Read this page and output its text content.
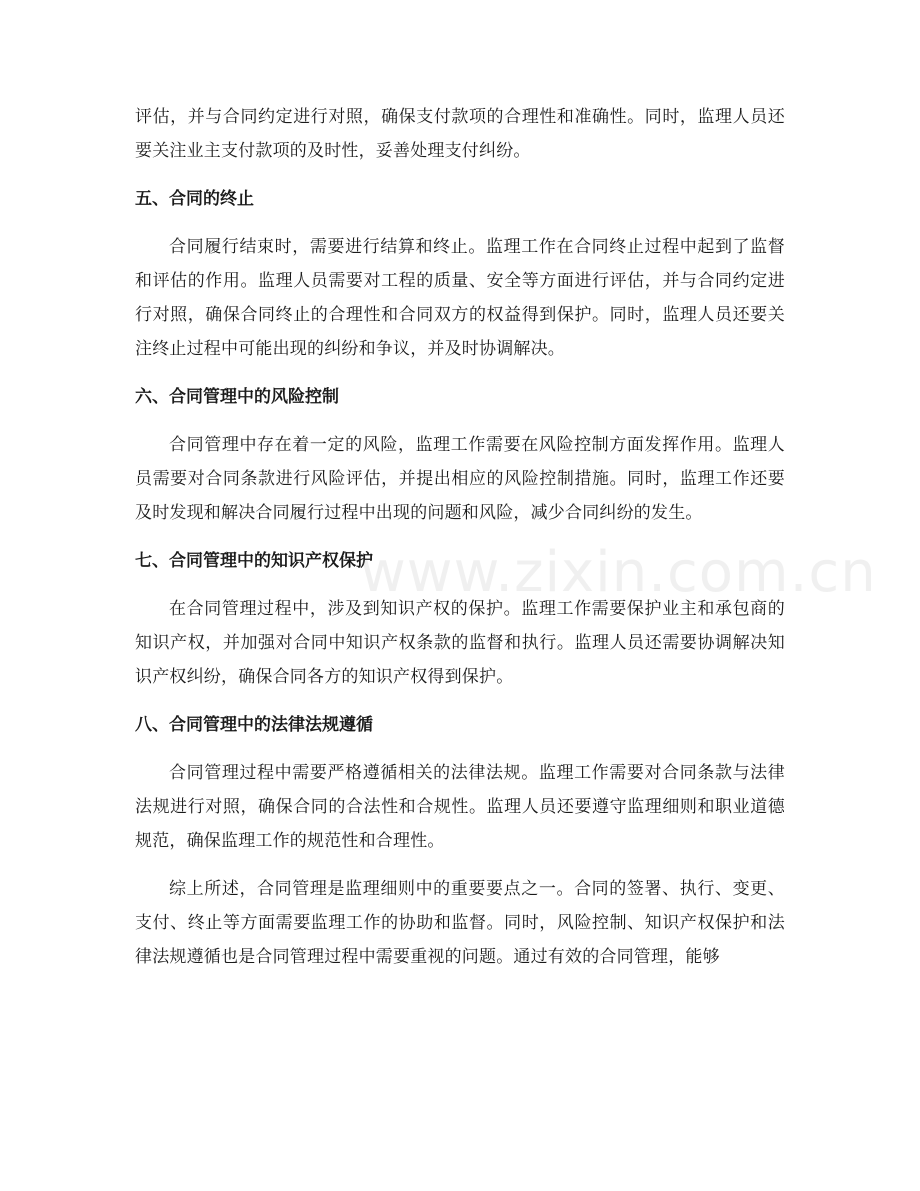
评估，并与合同约定进行对照，确保支付款项的合理性和准确性。同时，监理人员还要关注业主支付款项的及时性，妥善处理支付纠纷。

五、合同的终止

合同履行结束时，需要进行结算和终止。监理工作在合同终止过程中起到了监督和评估的作用。监理人员需要对工程的质量、安全等方面进行评估，并与合同约定进行对照，确保合同终止的合理性和合同双方的权益得到保护。同时，监理人员还要关注终止过程中可能出现的纠纷和争议，并及时协调解决。

六、合同管理中的风险控制

合同管理中存在着一定的风险，监理工作需要在风险控制方面发挥作用。监理人员需要对合同条款进行风险评估，并提出相应的风险控制措施。同时，监理工作还要及时发现和解决合同履行过程中出现的问题和风险，减少合同纠纷的发生。

七、合同管理中的知识产权保护

在合同管理过程中，涉及到知识产权的保护。监理工作需要保护业主和承包商的知识产权，并加强对合同中知识产权条款的监督和执行。监理人员还需要协调解决知识产权纠纷，确保合同各方的知识产权得到保护。

八、合同管理中的法律法规遵循

合同管理过程中需要严格遵循相关的法律法规。监理工作需要对合同条款与法律法规进行对照，确保合同的合法性和合规性。监理人员还要遵守监理细则和职业道德规范，确保监理工作的规范性和合理性。

综上所述，合同管理是监理细则中的重要要点之一。合同的签署、执行、变更、支付、终止等方面需要监理工作的协助和监督。同时，风险控制、知识产权保护和法律法规遵循也是合同管理过程中需要重视的问题。通过有效的合同管理，能够

www.zixin.com.cn
